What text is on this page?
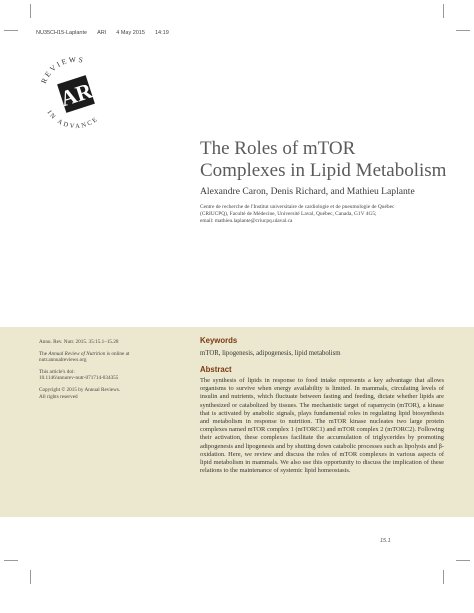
NU35CH15-Laplante ARI 4 May 2015 14:19
REVIEWS
IN ADVANCE
AR
The Roles of mTOR
Complexes in Lipid Metabolism
Alexandre Caron, Denis Richard, and Mathieu Laplante
Centre de recherche de l'Institut universitaire de cardiologie et de pneumologie de Québec
(CRIUCPQ), Faculté de Médecine, Université Laval, Québec, Canada, G1V 4G5;
email: mathieu.laplante@criucpq.ulaval.ca

Annu. Rev. Nutr. 2015. 35:15.1–15.28

The Annual Review of Nutrition is online at nutr.annualreviews.org

This article's doi:
10.1146/annurev-nutr-071714-034355

Copyright © 2015 by Annual Reviews.
All rights reserved

Keywords
mTOR, lipogenesis, adipogenesis, lipid metabolism
Abstract

The synthesis of lipids in response to food intake represents a key advantage that allows organisms to survive when energy availability is limited. In mammals, circulating levels of insulin and nutrients, which fluctuate between fasting and feeding, dictate whether lipids are synthesized or catabolized by tissues. The mechanistic target of rapamycin (mTOR), a kinase that is activated by anabolic signals, plays fundamental roles in regulating lipid biosynthesis and metabolism in response to nutrition. The mTOR kinase nucleates two large protein complexes named mTOR complex 1 (mTORC1) and mTOR complex 2 (mTORC2). Following their activation, these complexes facilitate the accumulation of triglycerides by promoting adipogenesis and lipogenesis and by shutting down catabolic processes such as lipolysis and β-oxidation. Here, we review and discuss the roles of mTOR complexes in various aspects of lipid metabolism in mammals. We also use this opportunity to discuss the implication of these relations to the maintenance of systemic lipid homeostasis.

15.1
